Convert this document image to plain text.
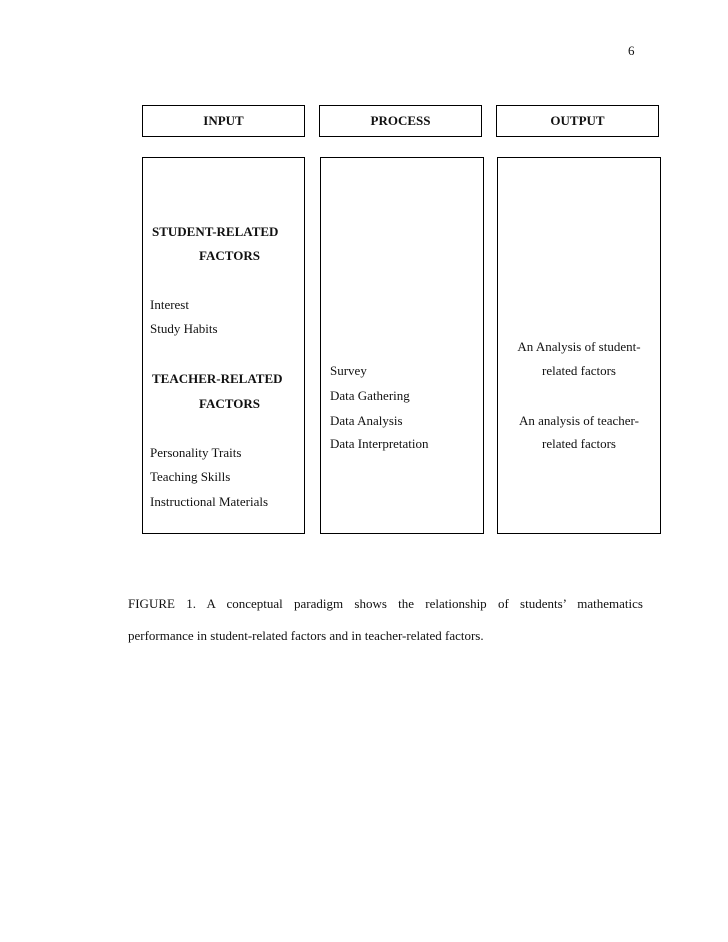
6
INPUT	PROCESS	OUTPUT
STUDENT-RELATED
FACTORS
Interest
Study Habits
TEACHER-RELATED
FACTORS
Personality Traits
Teaching Skills
Instructional Materials
Survey
Data Gathering
Data Analysis
Data Interpretation
An Analysis of student-
related factors
An analysis of teacher-
related factors
FIGURE 1. A conceptual paradigm shows the relationship of students’ mathematics
performance in student-related factors and in teacher-related factors.
